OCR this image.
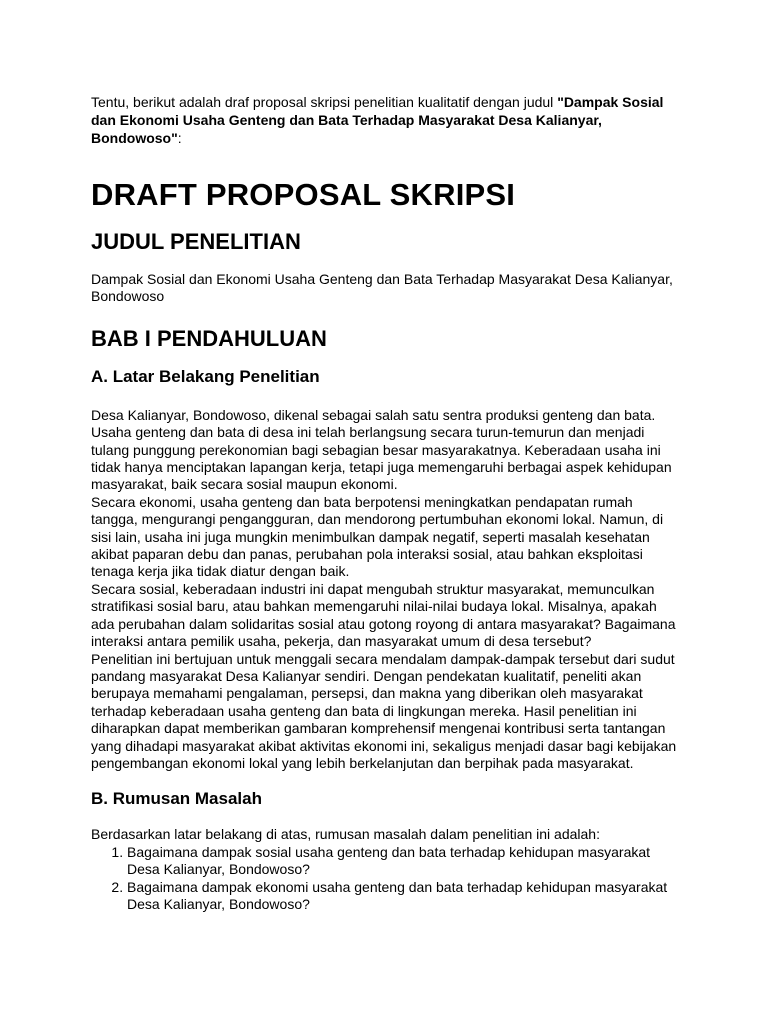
Tentu, berikut adalah draf proposal skripsi penelitian kualitatif dengan judul "Dampak Sosial dan Ekonomi Usaha Genteng dan Bata Terhadap Masyarakat Desa Kalianyar, Bondowoso":

DRAFT PROPOSAL SKRIPSI
JUDUL PENELITIAN

Dampak Sosial dan Ekonomi Usaha Genteng dan Bata Terhadap Masyarakat Desa Kalianyar, Bondowoso

BAB I PENDAHULUAN
A. Latar Belakang Penelitian

Desa Kalianyar, Bondowoso, dikenal sebagai salah satu sentra produksi genteng dan bata. Usaha genteng dan bata di desa ini telah berlangsung secara turun-temurun dan menjadi tulang punggung perekonomian bagi sebagian besar masyarakatnya. Keberadaan usaha ini tidak hanya menciptakan lapangan kerja, tetapi juga memengaruhi berbagai aspek kehidupan masyarakat, baik secara sosial maupun ekonomi.

Secara ekonomi, usaha genteng dan bata berpotensi meningkatkan pendapatan rumah tangga, mengurangi pengangguran, dan mendorong pertumbuhan ekonomi lokal. Namun, di sisi lain, usaha ini juga mungkin menimbulkan dampak negatif, seperti masalah kesehatan akibat paparan debu dan panas, perubahan pola interaksi sosial, atau bahkan eksploitasi tenaga kerja jika tidak diatur dengan baik.

Secara sosial, keberadaan industri ini dapat mengubah struktur masyarakat, memunculkan stratifikasi sosial baru, atau bahkan memengaruhi nilai-nilai budaya lokal. Misalnya, apakah ada perubahan dalam solidaritas sosial atau gotong royong di antara masyarakat? Bagaimana interaksi antara pemilik usaha, pekerja, dan masyarakat umum di desa tersebut?

Penelitian ini bertujuan untuk menggali secara mendalam dampak-dampak tersebut dari sudut pandang masyarakat Desa Kalianyar sendiri. Dengan pendekatan kualitatif, peneliti akan berupaya memahami pengalaman, persepsi, dan makna yang diberikan oleh masyarakat terhadap keberadaan usaha genteng dan bata di lingkungan mereka. Hasil penelitian ini diharapkan dapat memberikan gambaran komprehensif mengenai kontribusi serta tantangan yang dihadapi masyarakat akibat aktivitas ekonomi ini, sekaligus menjadi dasar bagi kebijakan pengembangan ekonomi lokal yang lebih berkelanjutan dan berpihak pada masyarakat.

B. Rumusan Masalah

Berdasarkan latar belakang di atas, rumusan masalah dalam penelitian ini adalah:

1. Bagaimana dampak sosial usaha genteng dan bata terhadap kehidupan masyarakat Desa Kalianyar, Bondowoso?
2. Bagaimana dampak ekonomi usaha genteng dan bata terhadap kehidupan masyarakat Desa Kalianyar, Bondowoso?
